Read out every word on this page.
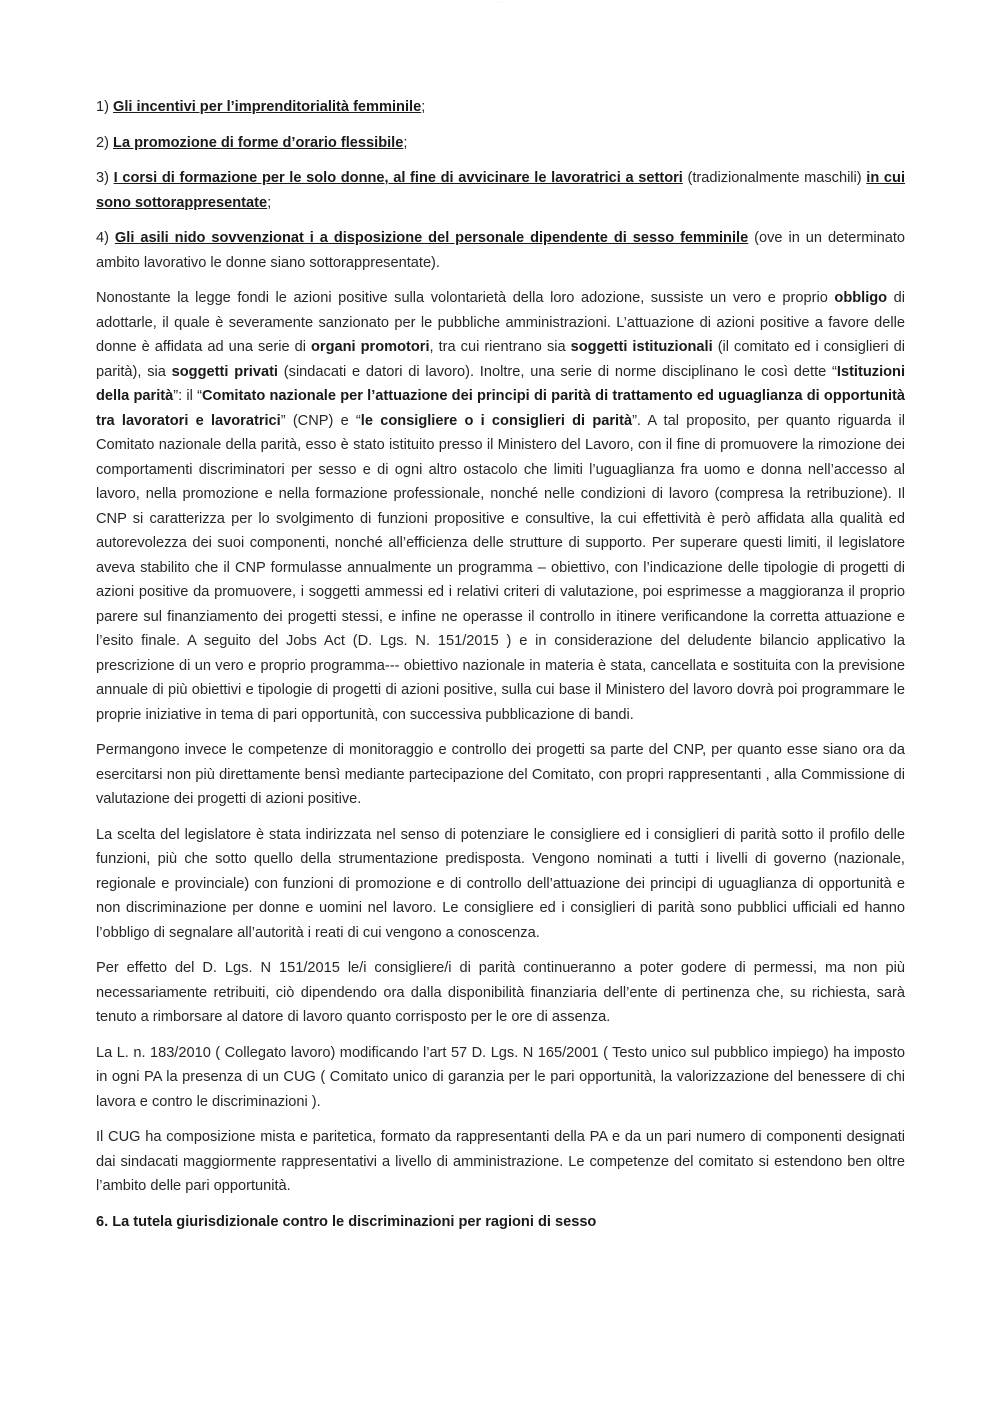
- - - - - -

1) Gli incentivi per l’imprenditorialità femminile;

2) La promozione di forme d’orario flessibile;

3) I corsi di formazione per le solo donne, al fine di avvicinare le lavoratrici a settori (tradizionalmente maschili) in cui sono sottorappresentate;

4) Gli asili nido sovvenzionat i a disposizione del personale dipendente di sesso femminile (ove in un determinato ambito lavorativo le donne siano sottorappresentate).

Nonostante la legge fondi le azioni positive sulla volontarietà della loro adozione, sussiste un vero e proprio obbligo di adottarle, il quale è severamente sanzionato per le pubbliche amministrazioni. L’attuazione di azioni positive a favore delle donne è affidata ad una serie di organi promotori, tra cui rientrano sia soggetti istituzionali (il comitato ed i consiglieri di parità), sia soggetti privati (sindacati e datori di lavoro). Inoltre, una serie di norme disciplinano le così dette “Istituzioni della parità”: il “Comitato nazionale per l’attuazione dei principi di parità di trattamento ed uguaglianza di opportunità tra lavoratori e lavoratrici” (CNP) e “le consigliere o i consiglieri di parità”. A tal proposito, per quanto riguarda il Comitato nazionale della parità, esso è stato istituito presso il Ministero del Lavoro, con il fine di promuovere la rimozione dei comportamenti discriminatori per sesso e di ogni altro ostacolo che limiti l’uguaglianza fra uomo e donna nell’accesso al lavoro, nella promozione e nella formazione professionale, nonché nelle condizioni di lavoro (compresa la retribuzione). Il CNP si caratterizza per lo svolgimento di funzioni propositive e consultive, la cui effettività è però affidata alla qualità ed autorevolezza dei suoi componenti, nonché all’efficienza delle strutture di supporto. Per superare questi limiti, il legislatore aveva stabilito che il CNP formulasse annualmente un programma – obiettivo, con l’indicazione delle tipologie di progetti di azioni positive da promuovere, i soggetti ammessi ed i relativi criteri di valutazione, poi esprimesse a maggioranza il proprio parere sul finanziamento dei progetti stessi, e infine ne operasse il controllo in itinere verificandone la corretta attuazione e l’esito finale. A seguito del Jobs Act (D. Lgs. N. 151/2015 ) e in considerazione del deludente bilancio applicativo la prescrizione di un vero e proprio programma--- obiettivo nazionale in materia è stata, cancellata e sostituita con la previsione annuale di più obiettivi e tipologie di progetti di azioni positive, sulla cui base il Ministero del lavoro dovrà poi programmare le proprie iniziative in tema di pari opportunità, con successiva pubblicazione di bandi.

Permangono invece le competenze di monitoraggio e controllo dei progetti sa parte del CNP, per quanto esse siano ora da esercitarsi non più direttamente bensì mediante partecipazione del Comitato, con propri rappresentanti , alla Commissione di valutazione dei progetti di azioni positive.

La scelta del legislatore è stata indirizzata nel senso di potenziare le consigliere ed i consiglieri di parità sotto il profilo delle funzioni, più che sotto quello della strumentazione predisposta. Vengono nominati a tutti i livelli di governo (nazionale, regionale e provinciale) con funzioni di promozione e di controllo dell’attuazione dei principi di uguaglianza di opportunità e non discriminazione per donne e uomini nel lavoro. Le consigliere ed i consiglieri di parità sono pubblici ufficiali ed hanno l’obbligo di segnalare all’autorità i reati di cui vengono a conoscenza.

Per effetto del D. Lgs. N 151/2015 le/i consigliere/i di parità continueranno a poter godere di permessi, ma non più necessariamente retribuiti, ciò dipendendo ora dalla disponibilità finanziaria dell’ente di pertinenza che, su richiesta, sarà tenuto a rimborsare al datore di lavoro quanto corrisposto per le ore di assenza.

La L. n. 183/2010 ( Collegato lavoro) modificando l’art 57 D. Lgs. N 165/2001 ( Testo unico sul pubblico impiego) ha imposto in ogni PA la presenza di un CUG ( Comitato unico di garanzia per le pari opportunità, la valorizzazione del benessere di chi lavora e contro le discriminazioni ).

Il CUG ha composizione mista e paritetica, formato da rappresentanti della PA e da un pari numero di componenti designati dai sindacati maggiormente rappresentativi a livello di amministrazione. Le competenze del comitato si estendono ben oltre l’ambito delle pari opportunità.

6. La tutela giurisdizionale contro le discriminazioni per ragioni di sesso
